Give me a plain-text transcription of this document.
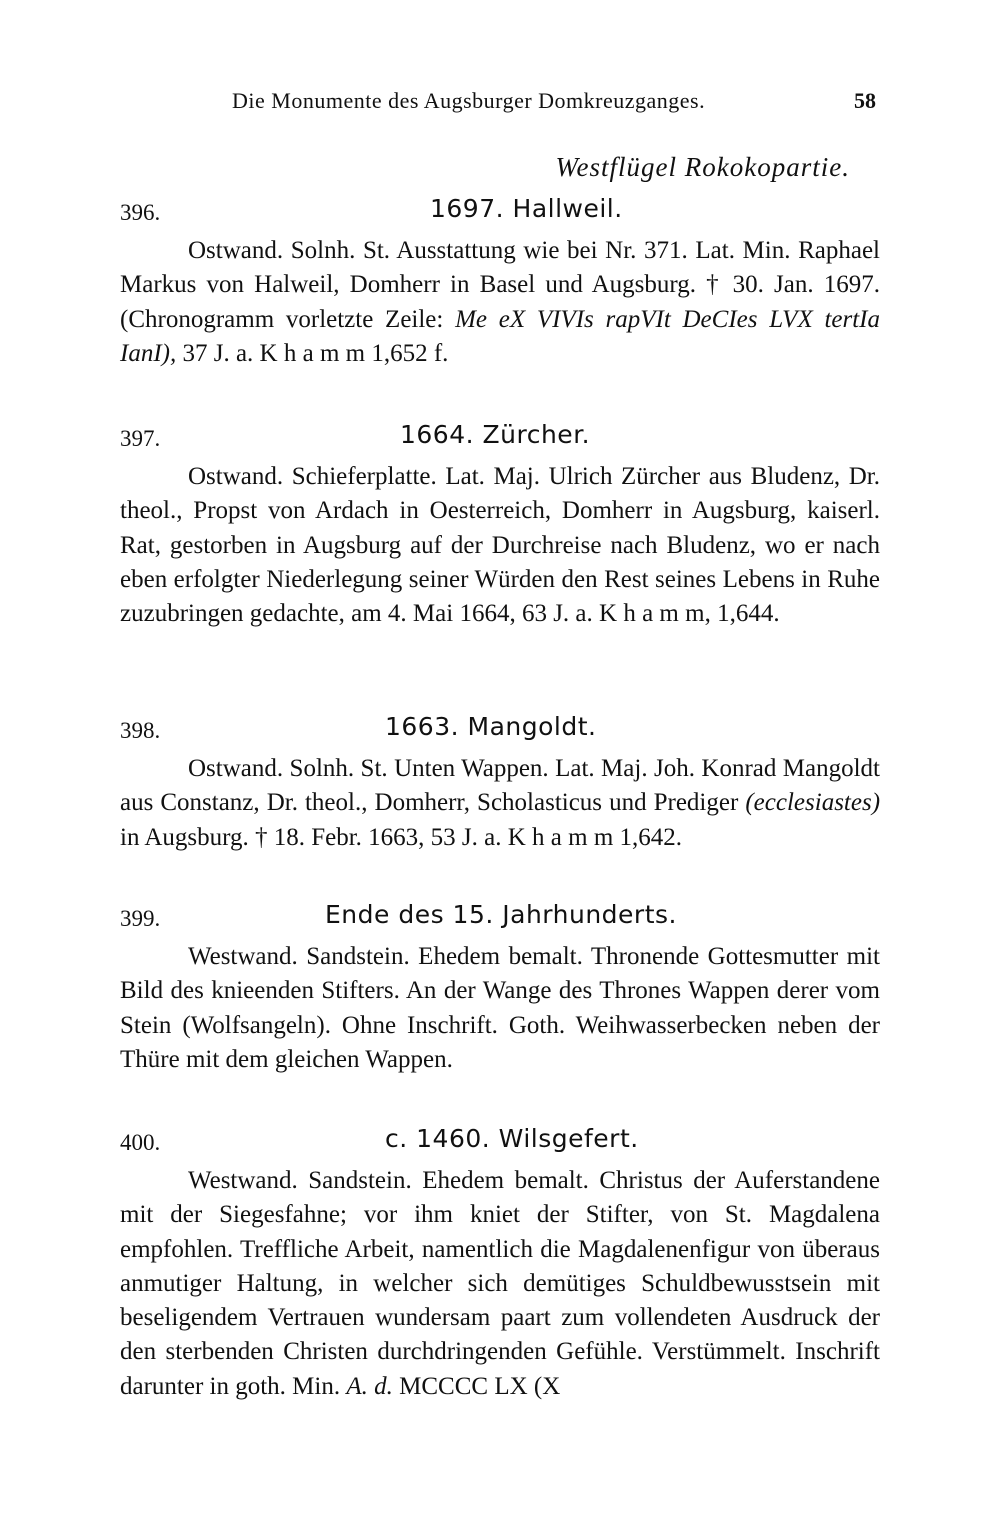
Die Monumente des Augsburger Domkreuzganges.	58
Westflügel Rokokopartie.
396.	1697. Hallweil.

Ostwand. Solnh. St. Ausstattung wie bei Nr. 371. Lat. Min. Raphael Markus von Halweil, Domherr in Basel und Augsburg. † 30. Jan. 1697. (Chronogramm vorletzte Zeile: Me eX VIVIs rapVIt DeCIes LVX tertIa IanI), 37 J. a. K h a m m 1,652 f.

397.	1664. Zürcher.

Ostwand. Schieferplatte. Lat. Maj. Ulrich Zürcher aus Bludenz, Dr. theol., Propst von Ardach in Oesterreich, Domherr in Augsburg, kaiserl. Rat, gestorben in Augsburg auf der Durchreise nach Bludenz, wo er nach eben erfolgter Niederlegung seiner Würden den Rest seines Lebens in Ruhe zuzubringen gedachte, am 4. Mai 1664, 63 J. a. K h a m m, 1,644.

398.	1663. Mangoldt.

Ostwand. Solnh. St. Unten Wappen. Lat. Maj. Joh. Konrad Mangoldt aus Constanz, Dr. theol., Domherr, Scholasticus und Prediger (ecclesiastes) in Augsburg. † 18. Febr. 1663, 53 J. a. K h a m m 1,642.

399.	Ende des 15. Jahrhunderts.

Westwand. Sandstein. Ehedem bemalt. Thronende Gottesmutter mit Bild des knieenden Stifters. An der Wange des Thrones Wappen derer vom Stein (Wolfsangeln). Ohne Inschrift. Goth. Weihwasserbecken neben der Thüre mit dem gleichen Wappen.

400.	c. 1460. Wilsgefert.

Westwand. Sandstein. Ehedem bemalt. Christus der Auferstandene mit der Siegesfahne; vor ihm kniet der Stifter, von St. Magdalena empfohlen. Treffliche Arbeit, namentlich die Magdalenenfigur von überaus anmutiger Haltung, in welcher sich demütiges Schuldbewusstsein mit beseligendem Vertrauen wundersam paart zum vollendeten Ausdruck der den sterbenden Christen durchdringenden Gefühle. Verstümmelt. Inschrift darunter in goth. Min. A. d. MCCCC LX (X
